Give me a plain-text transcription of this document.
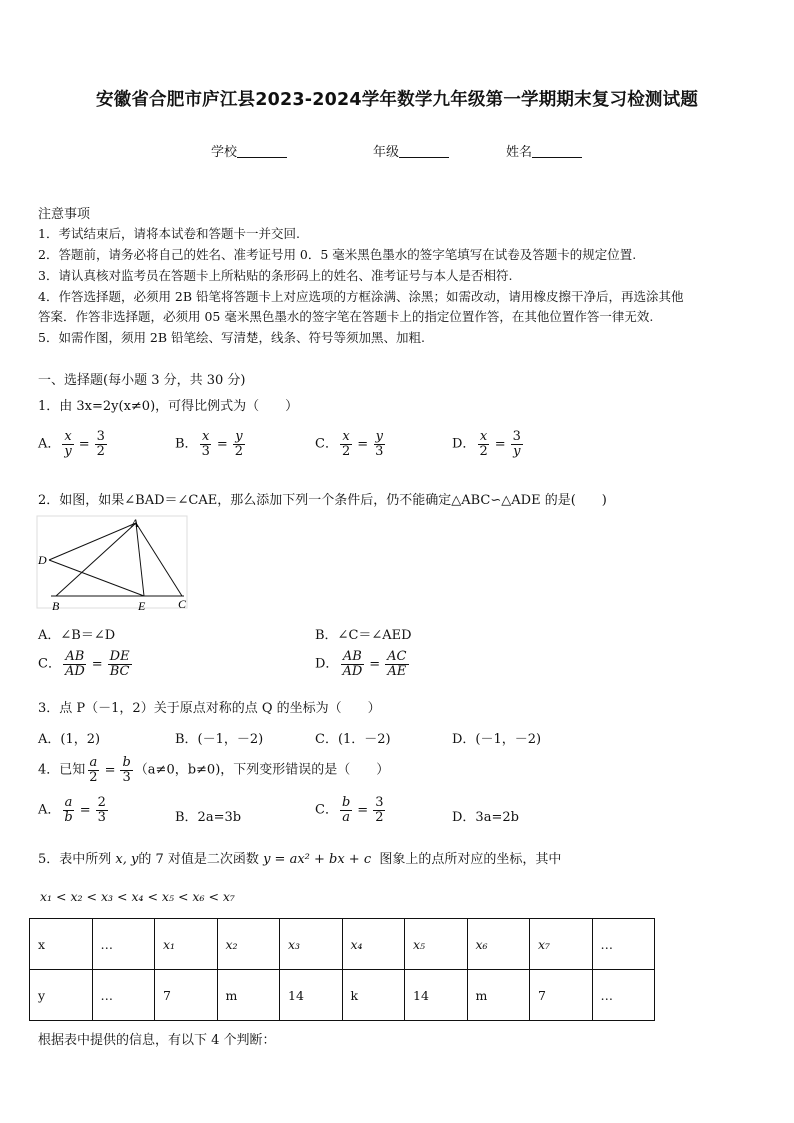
安徽省合肥市庐江县2023-2024学年数学九年级第一学期期末复习检测试题
学校	年级	姓名
注意事项
1．考试结束后，请将本试卷和答题卡一并交回.
2．答题前，请务必将自己的姓名、准考证号用 0．5 毫米黑色墨水的签字笔填写在试卷及答题卡的规定位置.
3．请认真核对监考员在答题卡上所粘贴的条形码上的姓名、准考证号与本人是否相符.
4．作答选择题，必须用 2B 铅笔将答题卡上对应选项的方框涂满、涂黑；如需改动，请用橡皮擦干净后，再选涂其他
答案．作答非选择题，必须用 05 毫米黑色墨水的签字笔在答题卡上的指定位置作答，在其他位置作答一律无效.
5．如需作图，须用 2B 铅笔绘、写清楚，线条、符号等须加黑、加粗.
一、选择题(每小题 3 分，共 30 分)
1．由 3x=2y(x≠0)，可得比例式为（　　）
A． $\frac{x}{y} = \frac{3}{2}$	B． $\frac{x}{3} = \frac{y}{2}$	C． $\frac{x}{2} = \frac{y}{3}$	D． $\frac{x}{2} = \frac{3}{y}$
2．如图，如果∠BAD＝∠CAE，那么添加下列一个条件后，仍不能确定△ABC∽△ADE 的是(　　)
A
D
B	E	C
A．∠B＝∠D	B．∠C＝∠AED
C． $\frac{AB}{AD} = \frac{DE}{BC}$	D． $\frac{AB}{AD} = \frac{AC}{AE}$
3．点 P（－1，2）关于原点对称的点 Q 的坐标为（　　）
A．(1，2)	B．(－1，－2)	C．(1．－2)	D．(－1，－2)
4．已知 $\frac{a}{2} = \frac{b}{3} (a\ne 0$，b≠0)，下列变形错误的是（　　）
A． $\frac{a}{b} = \frac{2}{3}$	B．2a=3b	C． $\frac{b}{a} = \frac{3}{2}$	D．3a=2b
5．表中所列 x, y的 7 对值是二次函数 y = ax² + bx + c 图象上的点所对应的坐标，其中
x₁ < x₂ < x₃ < x₄ < x₅ < x₆ < x₇
x	…	x₁	x₂	x₃	x₄	x₅	x₆	x₇	…
y	…	7	m	14	k	14	m	7	…
根据表中提供的信息，有以下 4 个判断：
